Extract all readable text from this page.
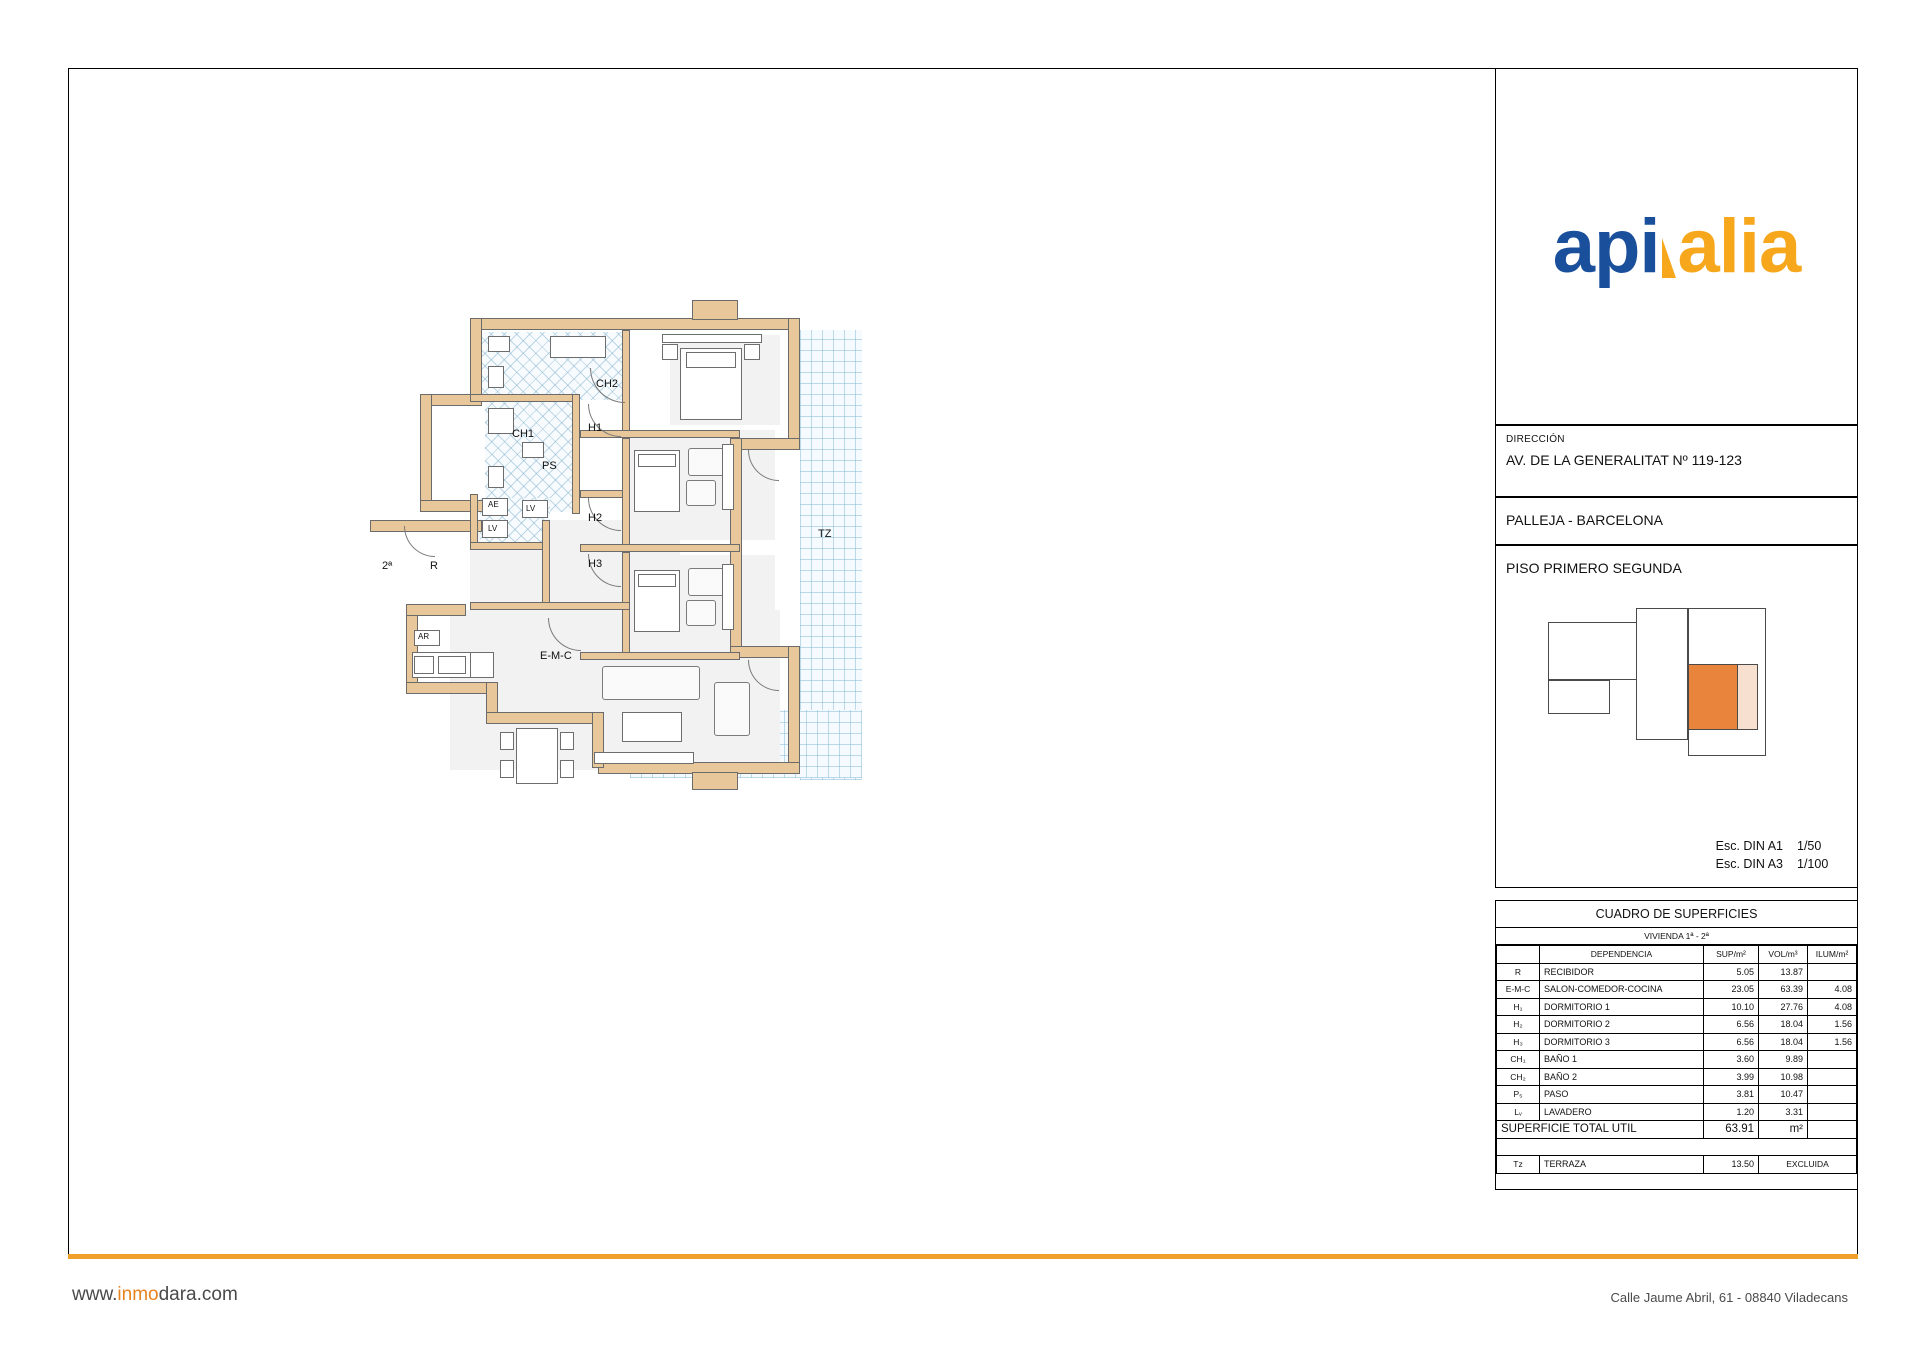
CH2
CH1	H1
H2
H3
PS
TZ
R
2ª
E-M-C
AE
LV
LV
AR
api alia
DIRECCIÓN
AV. DE LA GENERALITAT Nº 119-123
PALLEJA - BARCELONA
PISO PRIMERO SEGUNDA
Esc. DIN A1 1/50
Esc. DIN A3 1/100
CUADRO DE SUPERFICIES
VIVIENDA 1ª - 2ª
	DEPENDENCIA	SUP/m²	VOL/m³	ILUM/m²
R	RECIBIDOR	5.05	13.87	
E-M-C	SALON-COMEDOR-COCINA	23.05	63.39	4.08
H₁	DORMITORIO 1	10.10	27.76	4.08
H₂	DORMITORIO 2	6.56	18.04	1.56
H₃	DORMITORIO 3	6.56	18.04	1.56
CH₁	BAÑO 1	3.60	9.89	
CH₂	BAÑO 2	3.99	10.98	
P₅	PASO	3.81	10.47	
Lᵥ	LAVADERO	1.20	3.31	
SUPERFICIE TOTAL UTIL		63.91	m²	

Tz	TERRAZA	13.50	EXCLUIDA	
www.inmodara.com	Calle Jaume Abril, 61 - 08840 Viladecans
